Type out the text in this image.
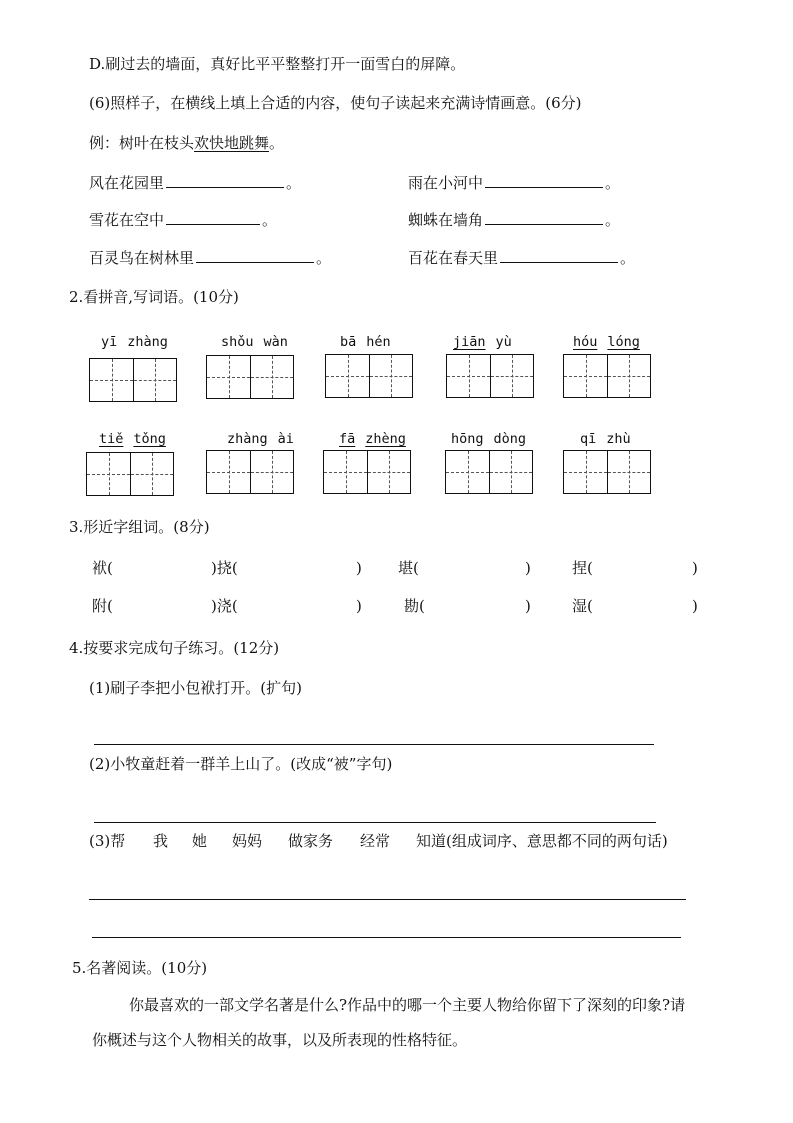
D.刷过去的墙面，真好比平平整整打开一面雪白的屏障。
(6)照样子，在横线上填上合适的内容，使句子读起来充满诗情画意。(6分)
例：树叶在枝头欢快地跳舞。
风在花园里	。	雨在小河中	。
雪花在空中	。	蜘蛛在墙角	。
百灵鸟在树林里	。	百花在春天里	。
2.看拼音,写词语。(10分)
yī zhàng	shǒu wàn	bā hén	jiān yù	hóu lóng
tiě tǒng	zhàng ài	fā zhèng	hōng dòng	qī zhù
3.形近字组词。(8分)
袱(	)挠(	) 堪(	)	捏(	)
附(	)浇(	)	勘(	)	湿(	)
4.按要求完成句子练习。(12分)
(1)刷子李把小包袱打开。(扩句)
(2)小牧童赶着一群羊上山了。(改成“被”字句)
(3)帮 我 她 妈妈 做家务 经常 知道(组成词序、意思都不同的两句话)
5.名著阅读。(10分)
你最喜欢的一部文学名著是什么?作品中的哪一个主要人物给你留下了深刻的印象?请
你概述与这个人物相关的故事，以及所表现的性格特征。
